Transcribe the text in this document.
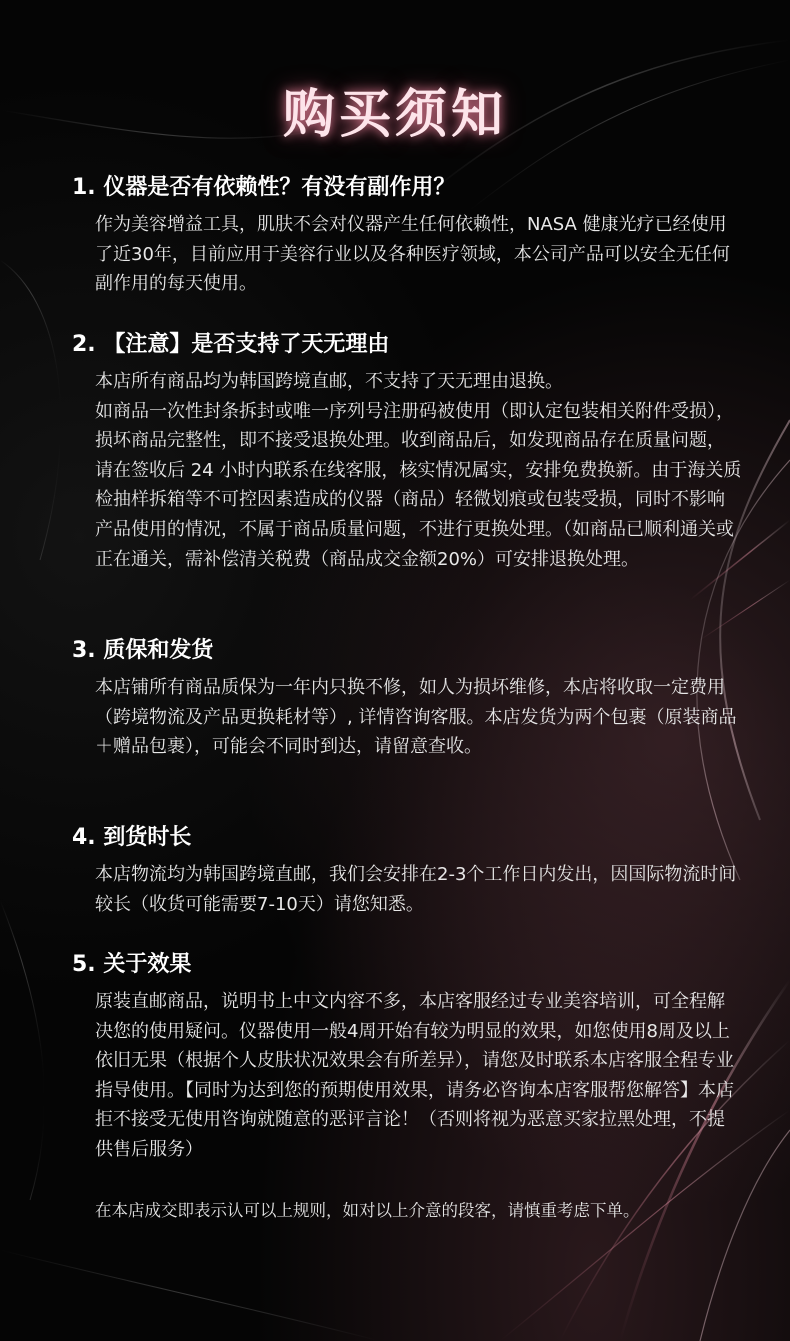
购买须知
1. 仪器是否有依赖性？有没有副作用？

作为美容增益工具，肌肤不会对仪器产生任何依赖性，NASA 健康光疗已经使用了近30年，目前应用于美容行业以及各种医疗领域，本公司产品可以安全无任何副作用的每天使用。

2. 【注意】是否支持了天无理由

本店所有商品均为韩国跨境直邮，不支持了天无理由退换。

如商品一次性封条拆封或唯一序列号注册码被使用（即认定包装相关附件受损），损坏商品完整性，即不接受退换处理。收到商品后，如发现商品存在质量问题，请在签收后 24 小时内联系在线客服，核实情况属实，安排免费换新。由于海关质检抽样拆箱等不可控因素造成的仪器（商品）轻微划痕或包装受损，同时不影响产品使用的情况，不属于商品质量问题，不进行更换处理。（如商品已顺利通关或正在通关，需补偿清关税费（商品成交金额20%）可安排退换处理。

3. 质保和发货

本店铺所有商品质保为一年内只换不修，如人为损坏维修，本店将收取一定费用（跨境物流及产品更换耗材等）, 详情咨询客服。本店发货为两个包裹（原装商品＋赠品包裹），可能会不同时到达，请留意查收。

4. 到货时长

本店物流均为韩国跨境直邮，我们会安排在2-3个工作日内发出，因国际物流时间较长（收货可能需要7-10天）请您知悉。

5. 关于效果

原装直邮商品，说明书上中文内容不多，本店客服经过专业美容培训，可全程解决您的使用疑问。仪器使用一般4周开始有较为明显的效果，如您使用8周及以上依旧无果（根据个人皮肤状况效果会有所差异），请您及时联系本店客服全程专业指导使用。【同时为达到您的预期使用效果，请务必咨询本店客服帮您解答】本店拒不接受无使用咨询就随意的恶评言论！（否则将视为恶意买家拉黑处理，不提供售后服务）

在本店成交即表示认可以上规则，如对以上介意的段客，请慎重考虑下单。
